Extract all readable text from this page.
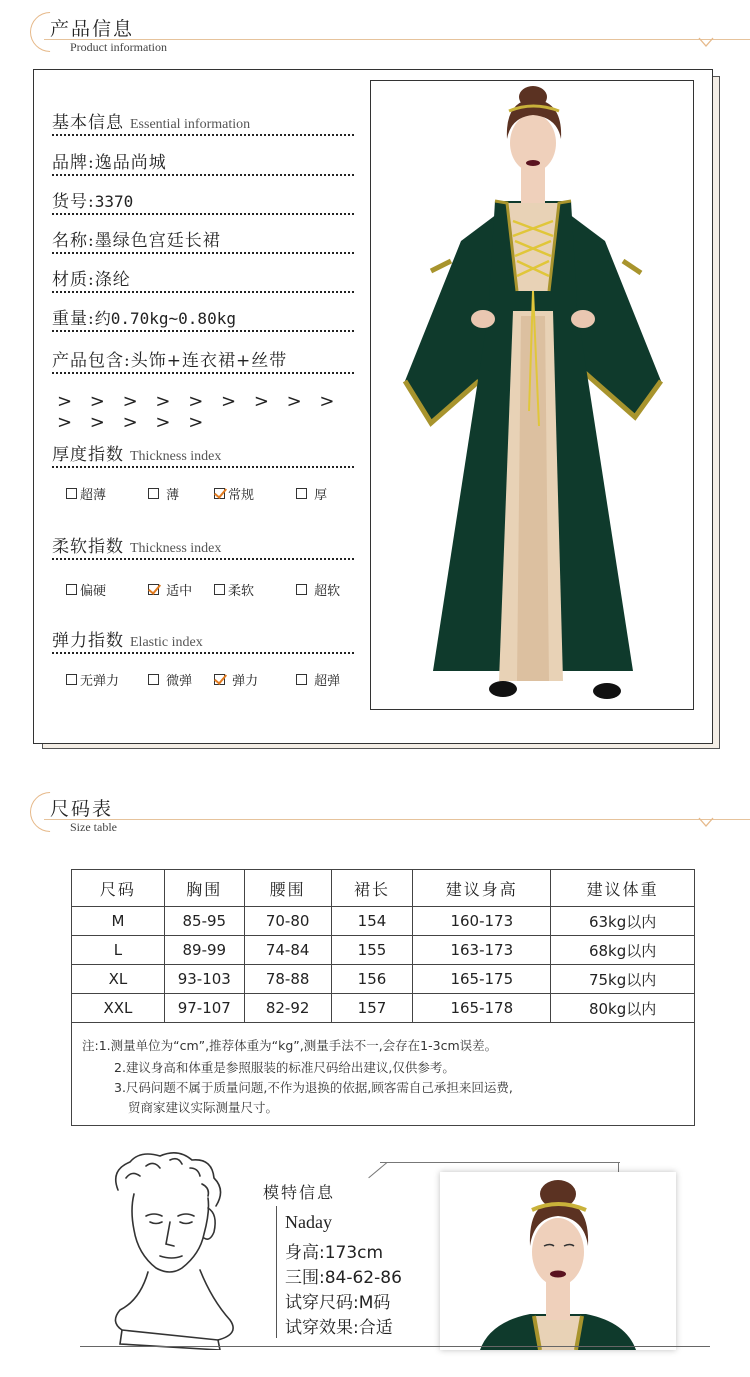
产品信息
Product information
基本信息 Essential information
品牌:逸品尚城
货号:3370
名称:墨绿色宫廷长裙
材质:涤纶
重量:约0.70kg~0.80kg
产品包含:头饰+连衣裙+丝带
> > > > > > > > > > > > > >
厚度指数 Thickness index
超薄
	薄	常规
	厚
柔软指数 Thickness index
偏硬
	适中	柔软
	超软
弹力指数 Elastic index
无弹力
	微弹
	弹力
	超弹
尺码表
Size table
尺码	胸围	腰围	裙长	建议身高	建议体重
M	85-95	70-80	154	160-173	63kg以内
L	89-99	74-84	155	163-173	68kg以内
XL	93-103	78-88	156	165-175	75kg以内
XXL	97-107	82-92	157	165-178	80kg以内

注:1.测量单位为“cm”,推荐体重为“kg”,测量手法不一,会存在1-3cm误差。

2.建议身高和体重是参照服装的标准尺码给出建议,仅供参考。

3.尺码问题不属于质量问题,不作为退换的依据,顾客需自己承担来回运费,

贸商家建议实际测量尺寸。

模特信息
Naday
身高:173cm
三围:84-62-86
试穿尺码:M码
试穿效果:合适
